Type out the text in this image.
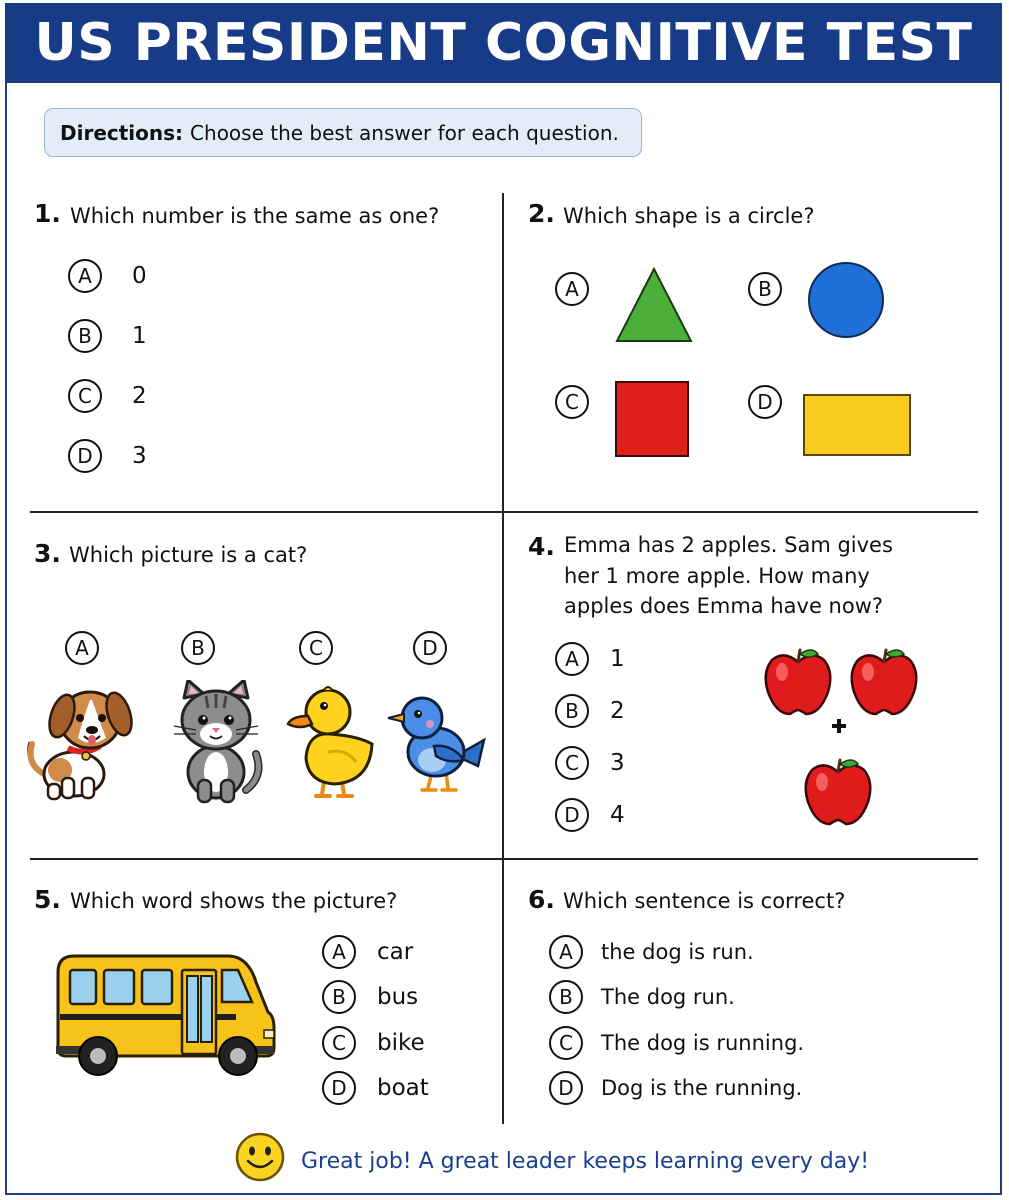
US PRESIDENT COGNITIVE TEST
Directions: Choose the best answer for each question.
1. Which number is the same as one?
A	0
B	1
C	2
D	3
2. Which shape is a circle?
A	B
C	D
3. Which picture is a cat?
A	B	C	D
4. Emma has 2 apples. Sam gives
her 1 more apple. How many
apples does Emma have now?
A	1
B	2
C	3
D	4
5. Which word shows the picture?
A	car
B	bus
C	bike
D	boat
6. Which sentence is correct?
A	the dog is run.
B	The dog run.
C	The dog is running.
D	Dog is the running.
Great job! A great leader keeps learning every day!
